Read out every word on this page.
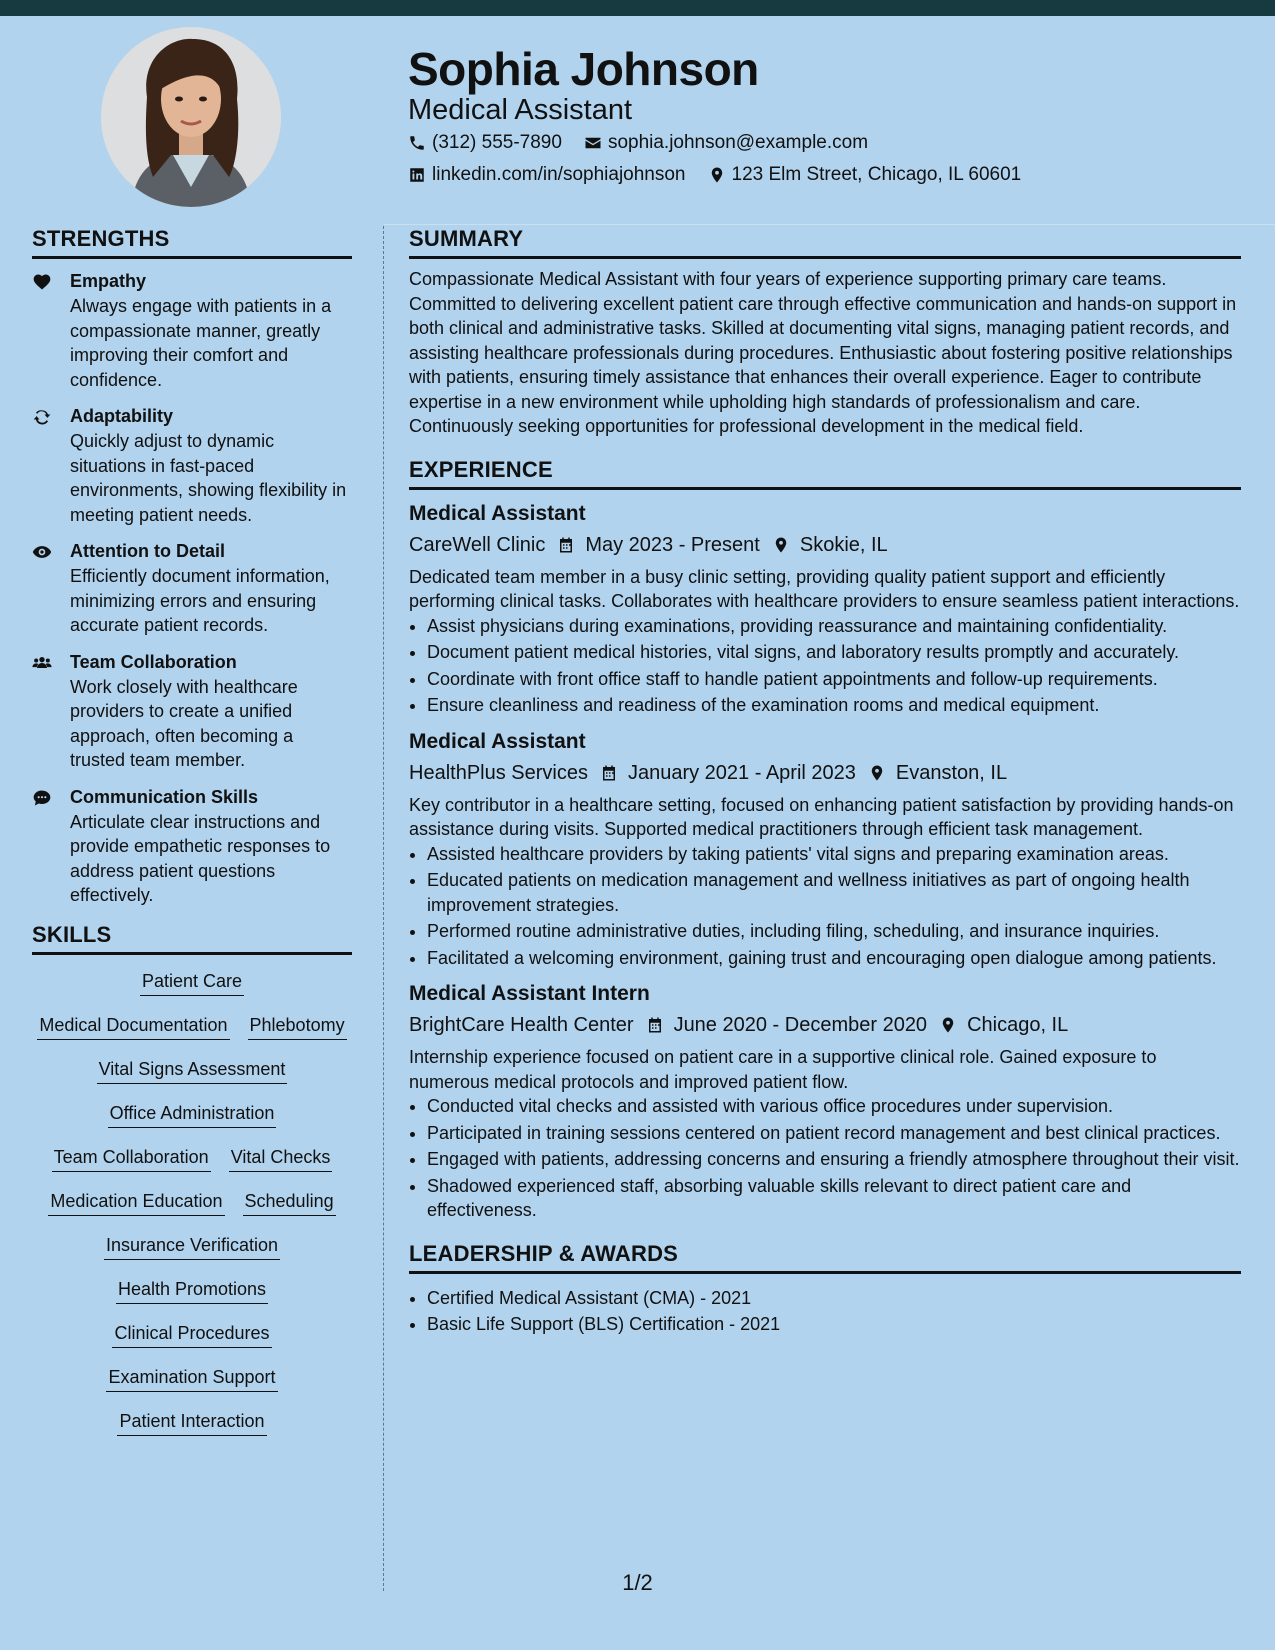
Sophia Johnson
Medical Assistant
(312) 555-7890 sophia.johnson@example.com
linkedin.com/in/sophiajohnson 123 Elm Street, Chicago, IL 60601
STRENGTHS
Empathy
Always engage with patients in a compassionate manner, greatly improving their comfort and confidence.
Adaptability
Quickly adjust to dynamic situations in fast-paced environments, showing flexibility in meeting patient needs.
Attention to Detail
Efficiently document information, minimizing errors and ensuring accurate patient records.
Team Collaboration
Work closely with healthcare providers to create a unified approach, often becoming a trusted team member.
Communication Skills
Articulate clear instructions and provide empathetic responses to address patient questions effectively.
SKILLS
Patient Care
Medical Documentation Phlebotomy
Vital Signs Assessment
Office Administration
Team Collaboration Vital Checks
Medication Education Scheduling
Insurance Verification
Health Promotions
Clinical Procedures
Examination Support
Patient Interaction
SUMMARY

Compassionate Medical Assistant with four years of experience supporting primary care teams. Committed to delivering excellent patient care through effective communication and hands-on support in both clinical and administrative tasks. Skilled at documenting vital signs, managing patient records, and assisting healthcare professionals during procedures. Enthusiastic about fostering positive relationships with patients, ensuring timely assistance that enhances their overall experience. Eager to contribute expertise in a new environment while upholding high standards of professionalism and care. Continuously seeking opportunities for professional development in the medical field.

EXPERIENCE
Medical Assistant
CareWell Clinic May 2023 - Present Skokie, IL
Dedicated team member in a busy clinic setting, providing quality patient support and efficiently performing clinical tasks. Collaborates with healthcare providers to ensure seamless patient interactions.
• Assist physicians during examinations, providing reassurance and maintaining confidentiality.
• Document patient medical histories, vital signs, and laboratory results promptly and accurately.
• Coordinate with front office staff to handle patient appointments and follow-up requirements.
• Ensure cleanliness and readiness of the examination rooms and medical equipment.
Medical Assistant
HealthPlus Services January 2021 - April 2023 Evanston, IL
Key contributor in a healthcare setting, focused on enhancing patient satisfaction by providing hands-on assistance during visits. Supported medical practitioners through efficient task management.
• Assisted healthcare providers by taking patients' vital signs and preparing examination areas.
• Educated patients on medication management and wellness initiatives as part of ongoing health improvement strategies.
• Performed routine administrative duties, including filing, scheduling, and insurance inquiries.
• Facilitated a welcoming environment, gaining trust and encouraging open dialogue among patients.
Medical Assistant Intern
BrightCare Health Center June 2020 - December 2020 Chicago, IL
Internship experience focused on patient care in a supportive clinical role. Gained exposure to numerous medical protocols and improved patient flow.
• Conducted vital checks and assisted with various office procedures under supervision.
• Participated in training sessions centered on patient record management and best clinical practices.
• Engaged with patients, addressing concerns and ensuring a friendly atmosphere throughout their visit.
• Shadowed experienced staff, absorbing valuable skills relevant to direct patient care and effectiveness.
LEADERSHIP & AWARDS
• Certified Medical Assistant (CMA) - 2021
• Basic Life Support (BLS) Certification - 2021
1/2
